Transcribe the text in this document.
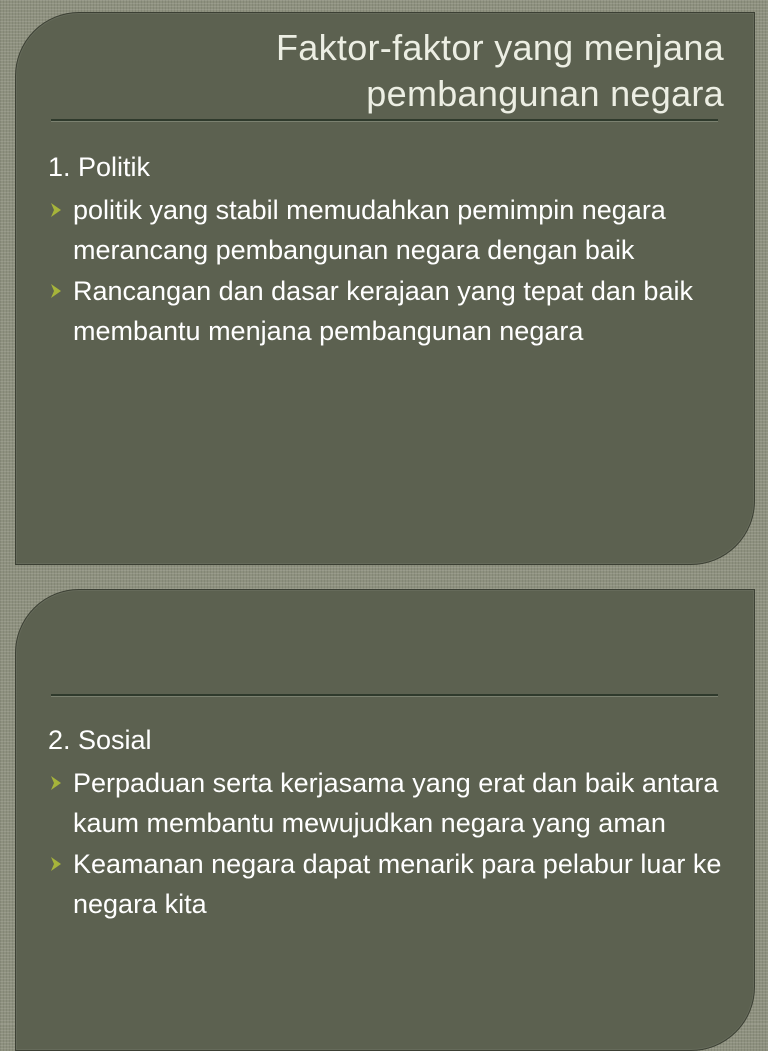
Faktor-faktor yang menjana
pembangunan negara
1. Politik
politik yang stabil memudahkan pemimpin negara merancang pembangunan negara dengan baik
Rancangan dan dasar kerajaan yang tepat dan baik membantu menjana pembangunan negara
2. Sosial
Perpaduan serta kerjasama yang erat dan baik antara kaum membantu mewujudkan negara yang aman
Keamanan negara dapat menarik para pelabur luar ke negara kita
